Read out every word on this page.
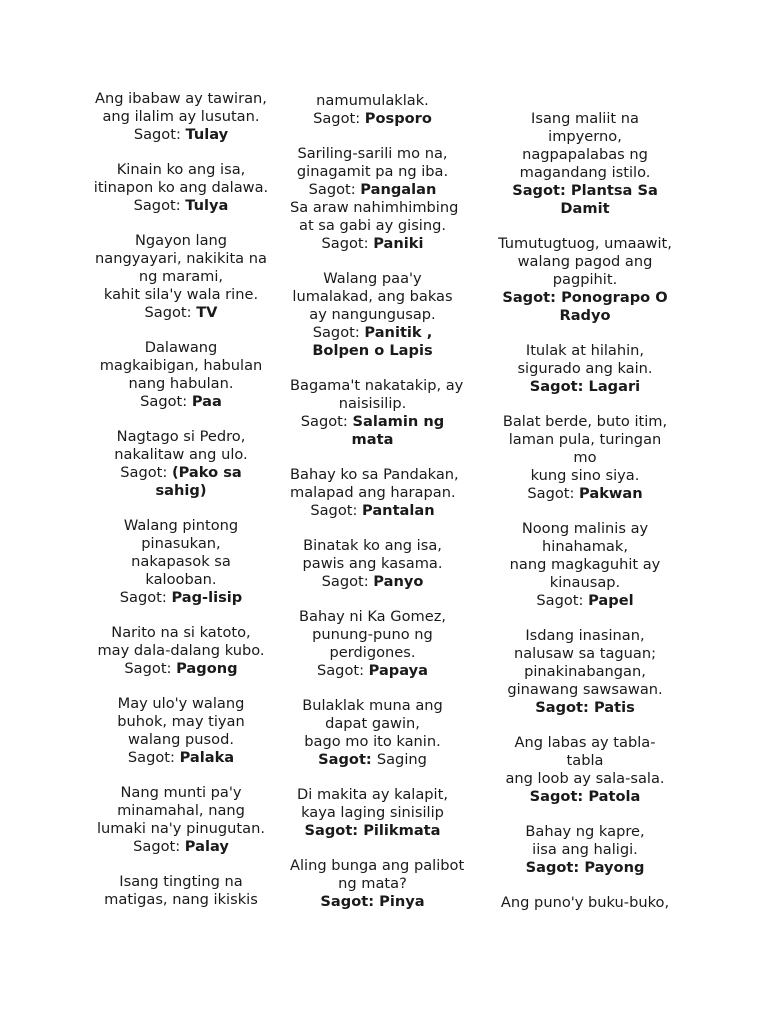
Ang ibabaw ay tawiran,
ang ilalim ay lusutan.
Sagot: Tulay
Kinain ko ang isa,
itinapon ko ang dalawa.
Sagot: Tulya
Ngayon lang
nangyayari, nakikita na
ng marami,
kahit sila'y wala rine.
Sagot: TV
Dalawang
magkaibigan, habulan
nang habulan.
Sagot: Paa
Nagtago si Pedro,
nakalitaw ang ulo.
Sagot: (Pako sa
sahig)
Walang pintong
pinasukan,
nakapasok sa
kalooban.
Sagot: Pag-lisip
Narito na si katoto,
may dala-dalang kubo.
Sagot: Pagong
May ulo'y walang
buhok, may tiyan
walang pusod.
Sagot: Palaka
Nang munti pa'y
minamahal, nang
lumaki na'y pinugutan.
Sagot: Palay
Isang tingting na
matigas, nang ikiskis
namumulaklak.
Sagot: Posporo
Sariling-sarili mo na,
ginagamit pa ng iba.
Sagot: Pangalan
Sa araw nahimhimbing
at sa gabi ay gising.
Sagot: Paniki
Walang paa'y
lumalakad, ang bakas
ay nangungusap.
Sagot: Panitik ,
Bolpen o Lapis
Bagama't nakatakip, ay
naisisilip.
Sagot: Salamin ng
mata
Bahay ko sa Pandakan,
malapad ang harapan.
Sagot: Pantalan
Binatak ko ang isa,
pawis ang kasama.
Sagot: Panyo
Bahay ni Ka Gomez,
punung-puno ng
perdigones.
Sagot: Papaya
Bulaklak muna ang
dapat gawin,
bago mo ito kanin.
Sagot: Saging
Di makita ay kalapit,
kaya laging sinisilip
Sagot: Pilikmata
Aling bunga ang palibot
ng mata?
Sagot: Pinya
Isang maliit na
impyerno,
nagpapalabas ng
magandang istilo.
Sagot: Plantsa Sa
Damit
Tumutugtuog, umaawit,
walang pagod ang
pagpihit.
Sagot: Ponograpo O
Radyo
Itulak at hilahin,
sigurado ang kain.
Sagot: Lagari
Balat berde, buto itim,
laman pula, turingan
mo
kung sino siya.
Sagot: Pakwan
Noong malinis ay
hinahamak,
nang magkaguhit ay
kinausap.
Sagot: Papel
Isdang inasinan,
nalusaw sa taguan;
pinakinabangan,
ginawang sawsawan.
Sagot: Patis
Ang labas ay tabla-
tabla
ang loob ay sala-sala.
Sagot: Patola
Bahay ng kapre,
iisa ang haligi.
Sagot: Payong
Ang puno'y buku-buko,
